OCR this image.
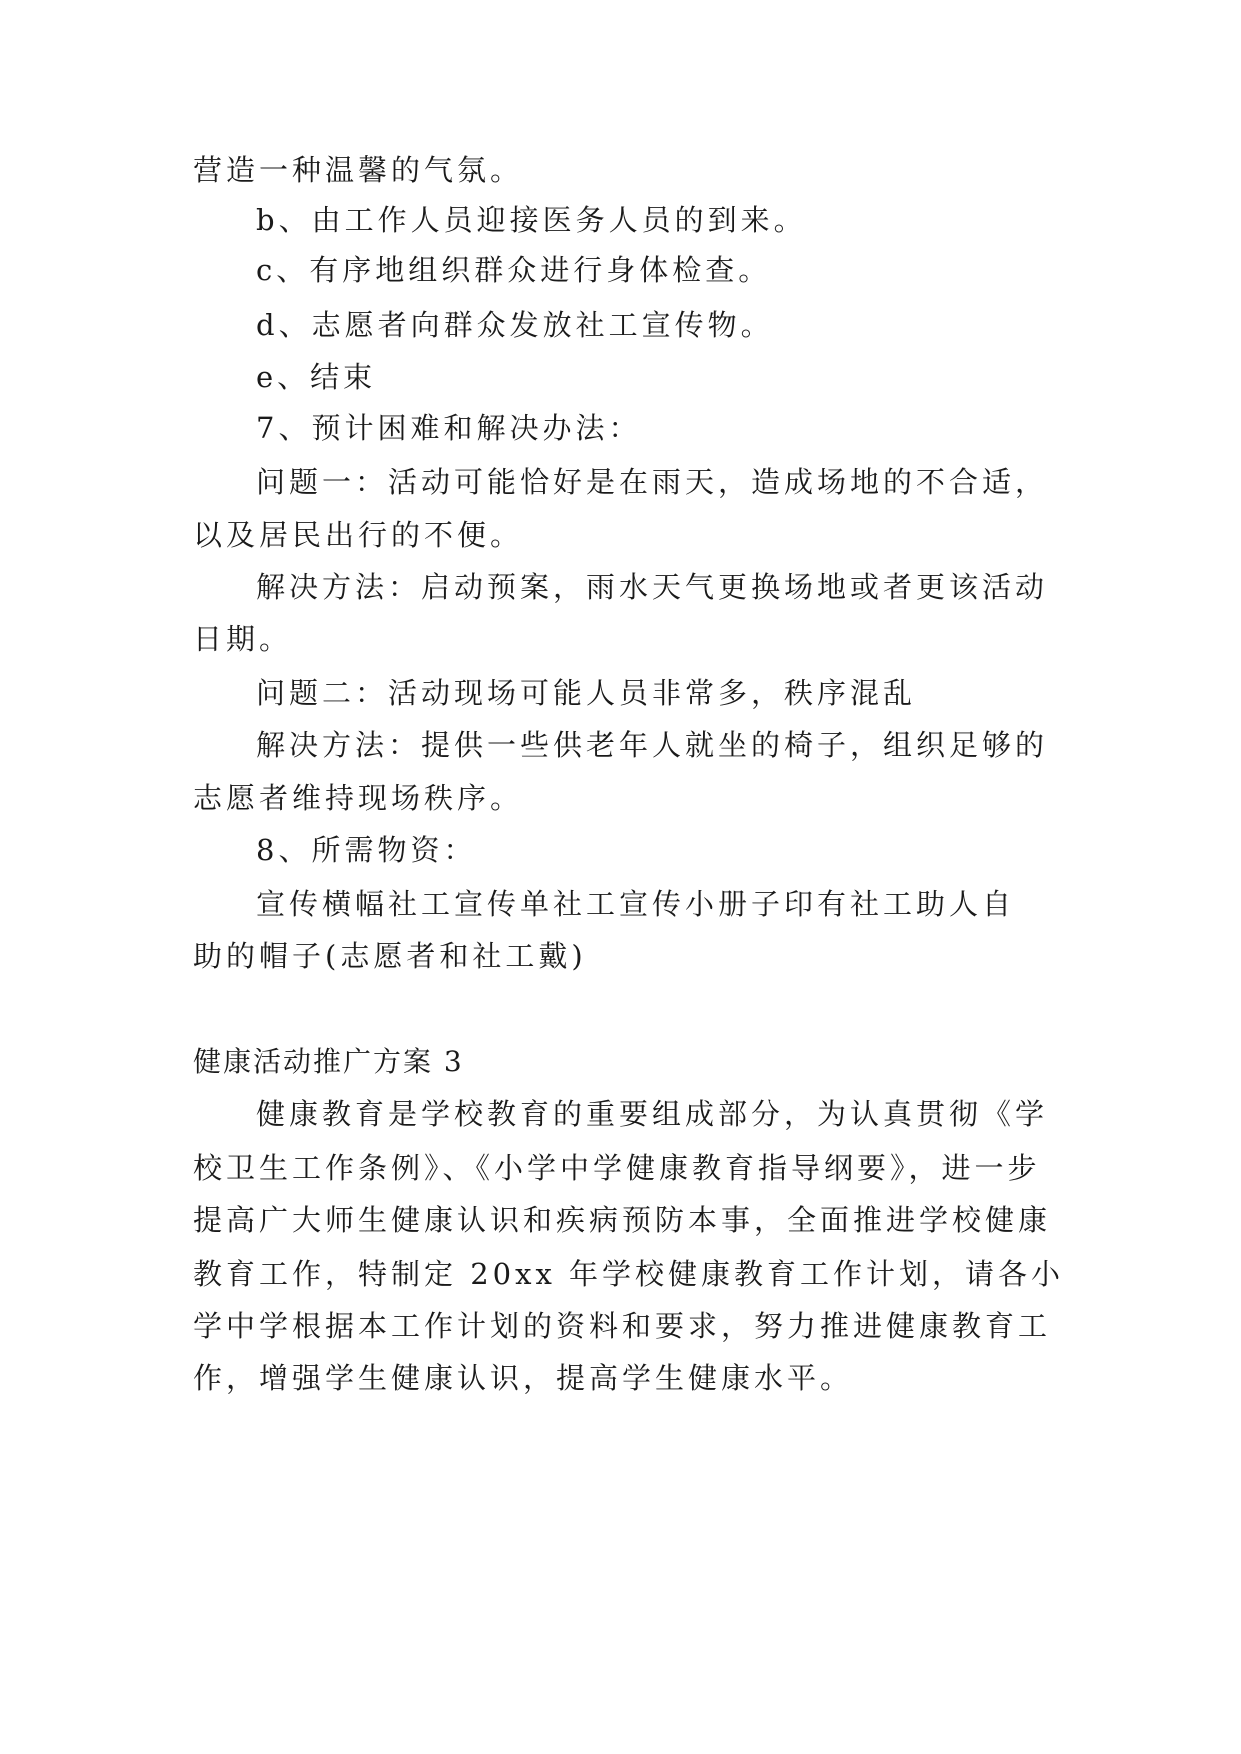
营造一种温馨的气氛。
b、由工作人员迎接医务人员的到来。
c、有序地组织群众进行身体检查。
d、志愿者向群众发放社工宣传物。
e、结束
7、预计困难和解决办法：
问题一：活动可能恰好是在雨天，造成场地的不合适，
以及居民出行的不便。
解决方法：启动预案，雨水天气更换场地或者更该活动
日期。
问题二：活动现场可能人员非常多，秩序混乱
解决方法：提供一些供老年人就坐的椅子，组织足够的
志愿者维持现场秩序。
8、所需物资：
宣传横幅社工宣传单社工宣传小册子印有社工助人自
助的帽子(志愿者和社工戴)
健康活动推广方案 3
健康教育是学校教育的重要组成部分，为认真贯彻《学
校卫生工作条例》、《小学中学健康教育指导纲要》，进一步
提高广大师生健康认识和疾病预防本事，全面推进学校健康
教育工作，特制定 20xx 年学校健康教育工作计划，请各小
学中学根据本工作计划的资料和要求，努力推进健康教育工
作，增强学生健康认识，提高学生健康水平。
